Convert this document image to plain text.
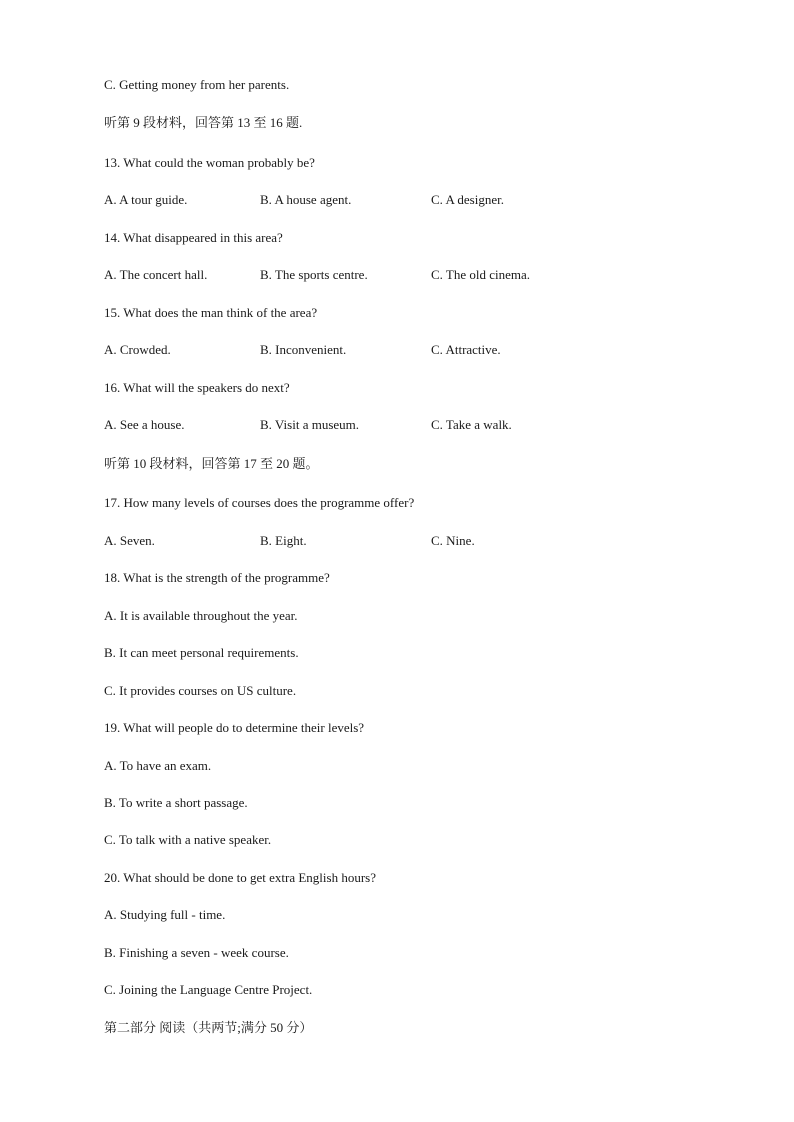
C. Getting money from her parents.
听第 9 段材料，回答第 13 至 16 题.
13. What could the woman probably be?
A. A tour guide.	B. A house agent.	C. A designer.
14. What disappeared in this area?
A. The concert hall.	B. The sports centre.	C. The old cinema.
15. What does the man think of the area?
A. Crowded.	B. Inconvenient.	C. Attractive.
16. What will the speakers do next?
A. See a house.	B. Visit a museum.	C. Take a walk.
听第 10 段材料，回答第 17 至 20 题。
17. How many levels of courses does the programme offer?
A. Seven.	B. Eight.	C. Nine.
18. What is the strength of the programme?
A. It is available throughout the year.
B. It can meet personal requirements.
C. It provides courses on US culture.
19. What will people do to determine their levels?
A. To have an exam.
B. To write a short passage.
C. To talk with a native speaker.
20. What should be done to get extra English hours?
A. Studying full - time.
B. Finishing a seven - week course.
C. Joining the Language Centre Project.
第二部分 阅读（共两节;满分 50 分）
